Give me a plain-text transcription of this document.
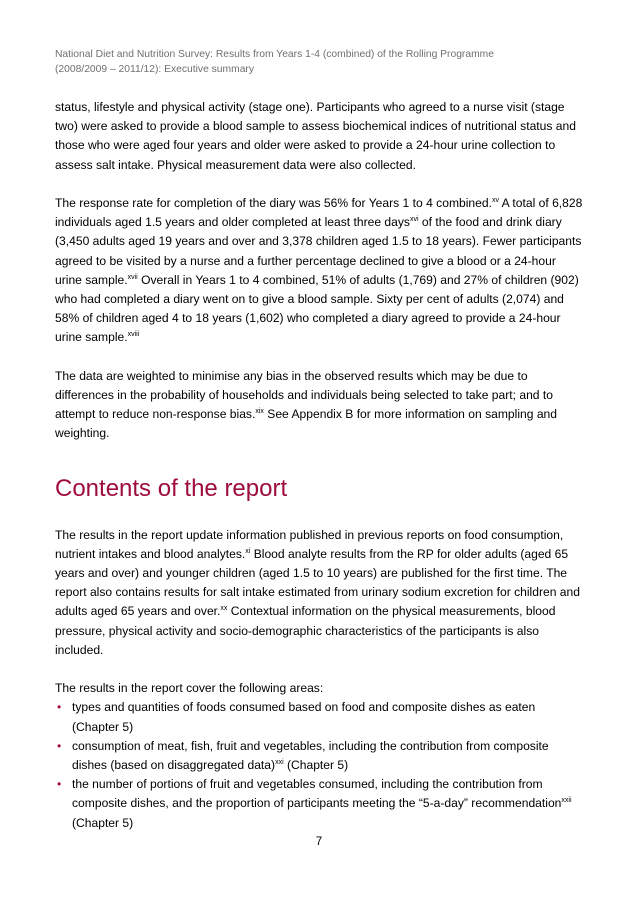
National Diet and Nutrition Survey: Results from Years 1-4 (combined) of the Rolling Programme
(2008/2009 – 2011/12): Executive summary

status, lifestyle and physical activity (stage one). Participants who agreed to a nurse visit (stage two) were asked to provide a blood sample to assess biochemical indices of nutritional status and those who were aged four years and older were asked to provide a 24-hour urine collection to assess salt intake. Physical measurement data were also collected.

The response rate for completion of the diary was 56% for Years 1 to 4 combined.$^{xv}$ A total of 6,828 individuals aged 1.5 years and older completed at least three days$^{xvi}$ of the food and drink diary (3,450 adults aged 19 years and over and 3,378 children aged 1.5 to 18 years). Fewer participants agreed to be visited by a nurse and a further percentage declined to give a blood or a 24-hour urine sample.$^{xvii}$ Overall in Years 1 to 4 combined, 51% of adults (1,769) and 27% of children (902) who had completed a diary went on to give a blood sample. Sixty per cent of adults (2,074) and 58% of children aged 4 to 18 years (1,602) who completed a diary agreed to provide a 24-hour urine sample.$^{xviii}$

The data are weighted to minimise any bias in the observed results which may be due to differences in the probability of households and individuals being selected to take part; and to attempt to reduce non-response bias.$^{xix}$ See Appendix B for more information on sampling and weighting.

Contents of the report

The results in the report update information published in previous reports on food consumption, nutrient intakes and blood analytes.$^{xi}$ Blood analyte results from the RP for older adults (aged 65 years and over) and younger children (aged 1.5 to 10 years) are published for the first time. The report also contains results for salt intake estimated from urinary sodium excretion for children and adults aged 65 years and over.$^{xx}$ Contextual information on the physical measurements, blood pressure, physical activity and socio-demographic characteristics of the participants is also included.

The results in the report cover the following areas:
• types and quantities of foods consumed based on food and composite dishes as eaten (Chapter 5)
• consumption of meat, fish, fruit and vegetables, including the contribution from composite dishes (based on disaggregated data)$^{xxi}$ (Chapter 5)
• the number of portions of fruit and vegetables consumed, including the contribution from composite dishes, and the proportion of participants meeting the “5-a-day” recommendation$^{xxii}$ (Chapter 5)
7
